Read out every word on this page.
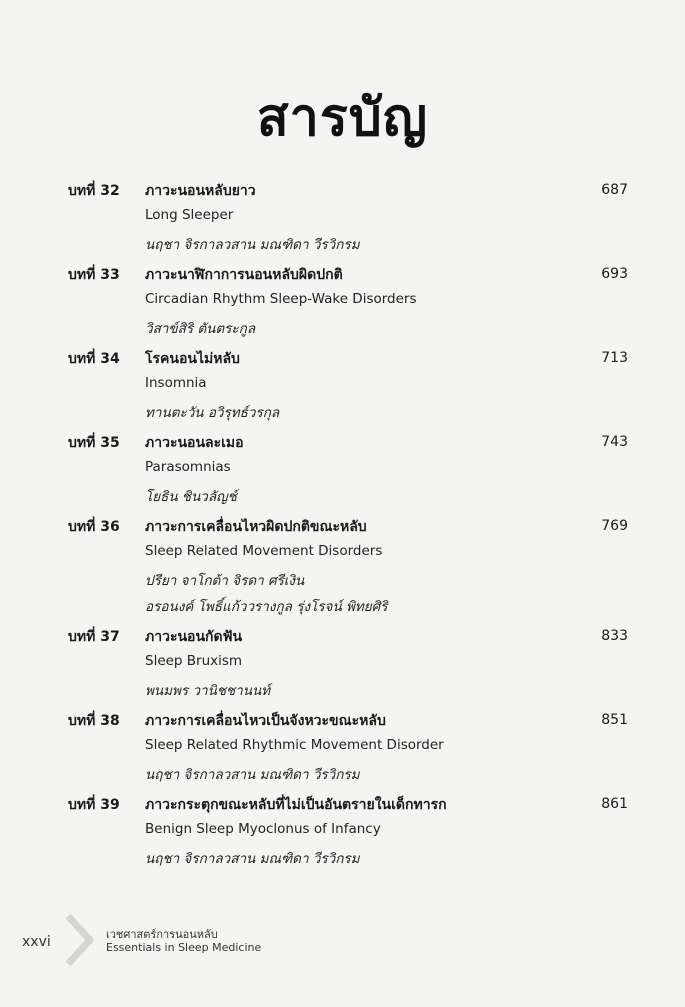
สารบัญ
บทที่ 32 ภาวะนอนหลับยาว	687
Long Sleeper
นฤชา จิรกาลวสาน มณฑิดา วีรวิกรม
บทที่ 33 ภาวะนาฬิกาการนอนหลับผิดปกติ	693
Circadian Rhythm Sleep-Wake Disorders
วิสาข์สิริ ตันตระกูล
บทที่ 34 โรคนอนไม่หลับ	713
Insomnia
ทานตะวัน อวิรุทธ์วรกุล
บทที่ 35 ภาวะนอนละเมอ	743
Parasomnias
โยธิน ชินวลัญช์
บทที่ 36 ภาวะการเคลื่อนไหวผิดปกติขณะหลับ	769
Sleep Related Movement Disorders
ปรียา จาโกต้า จิรดา ศรีเงิน
อรอนงค์ โพธิ์แก้ววรางกูล รุ่งโรจน์ พิทยศิริ
บทที่ 37 ภาวะนอนกัดฟัน	833
Sleep Bruxism
พนมพร วานิชชานนท์
บทที่ 38 ภาวะการเคลื่อนไหวเป็นจังหวะขณะหลับ	851
Sleep Related Rhythmic Movement Disorder
นฤชา จิรกาลวสาน มณฑิดา วีรวิกรม
บทที่ 39 ภาวะกระตุกขณะหลับที่ไม่เป็นอันตรายในเด็กทารก	861
Benign Sleep Myoclonus of Infancy
นฤชา จิรกาลวสาน มณฑิดา วีรวิกรม
xxvi	เวชศาสตร์การนอนหลับ
Essentials in Sleep Medicine
